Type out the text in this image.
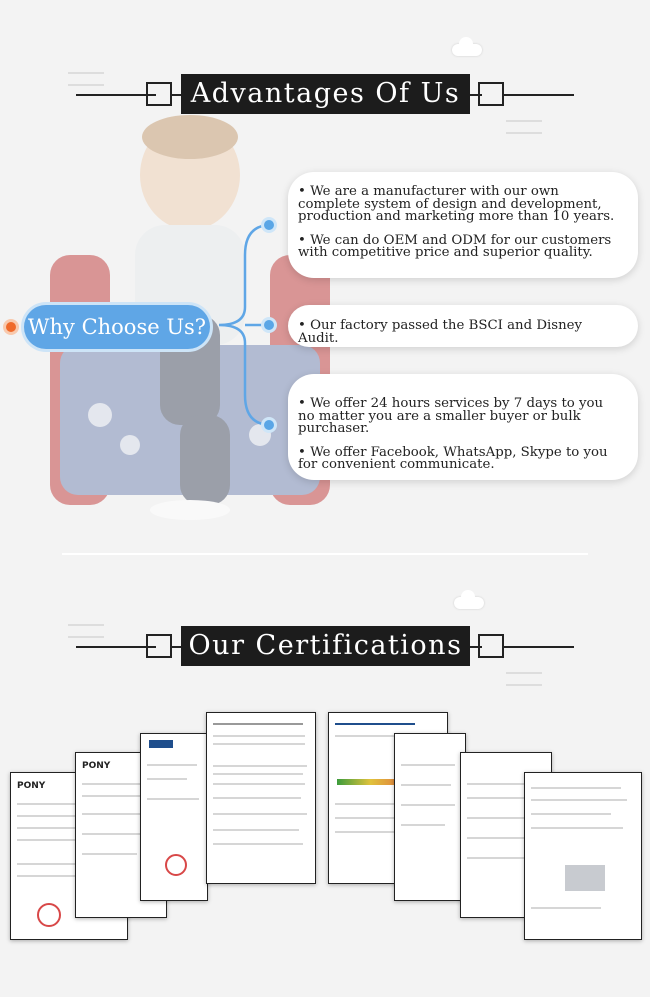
Advantages Of Us
Why Choose Us?

• We are a manufacturer with our own complete system of design and development, production and marketing more than 10 years.

• We can do OEM and ODM for our customers with competitive price and superior quality.

• Our factory passed the BSCI and Disney Audit.

• We offer 24 hours services by 7 days to you no matter you are a smaller buyer or bulk purchaser.

• We offer Facebook, WhatsApp, Skype to you for convenient communicate.

Our Certifications
PONY
PONY
